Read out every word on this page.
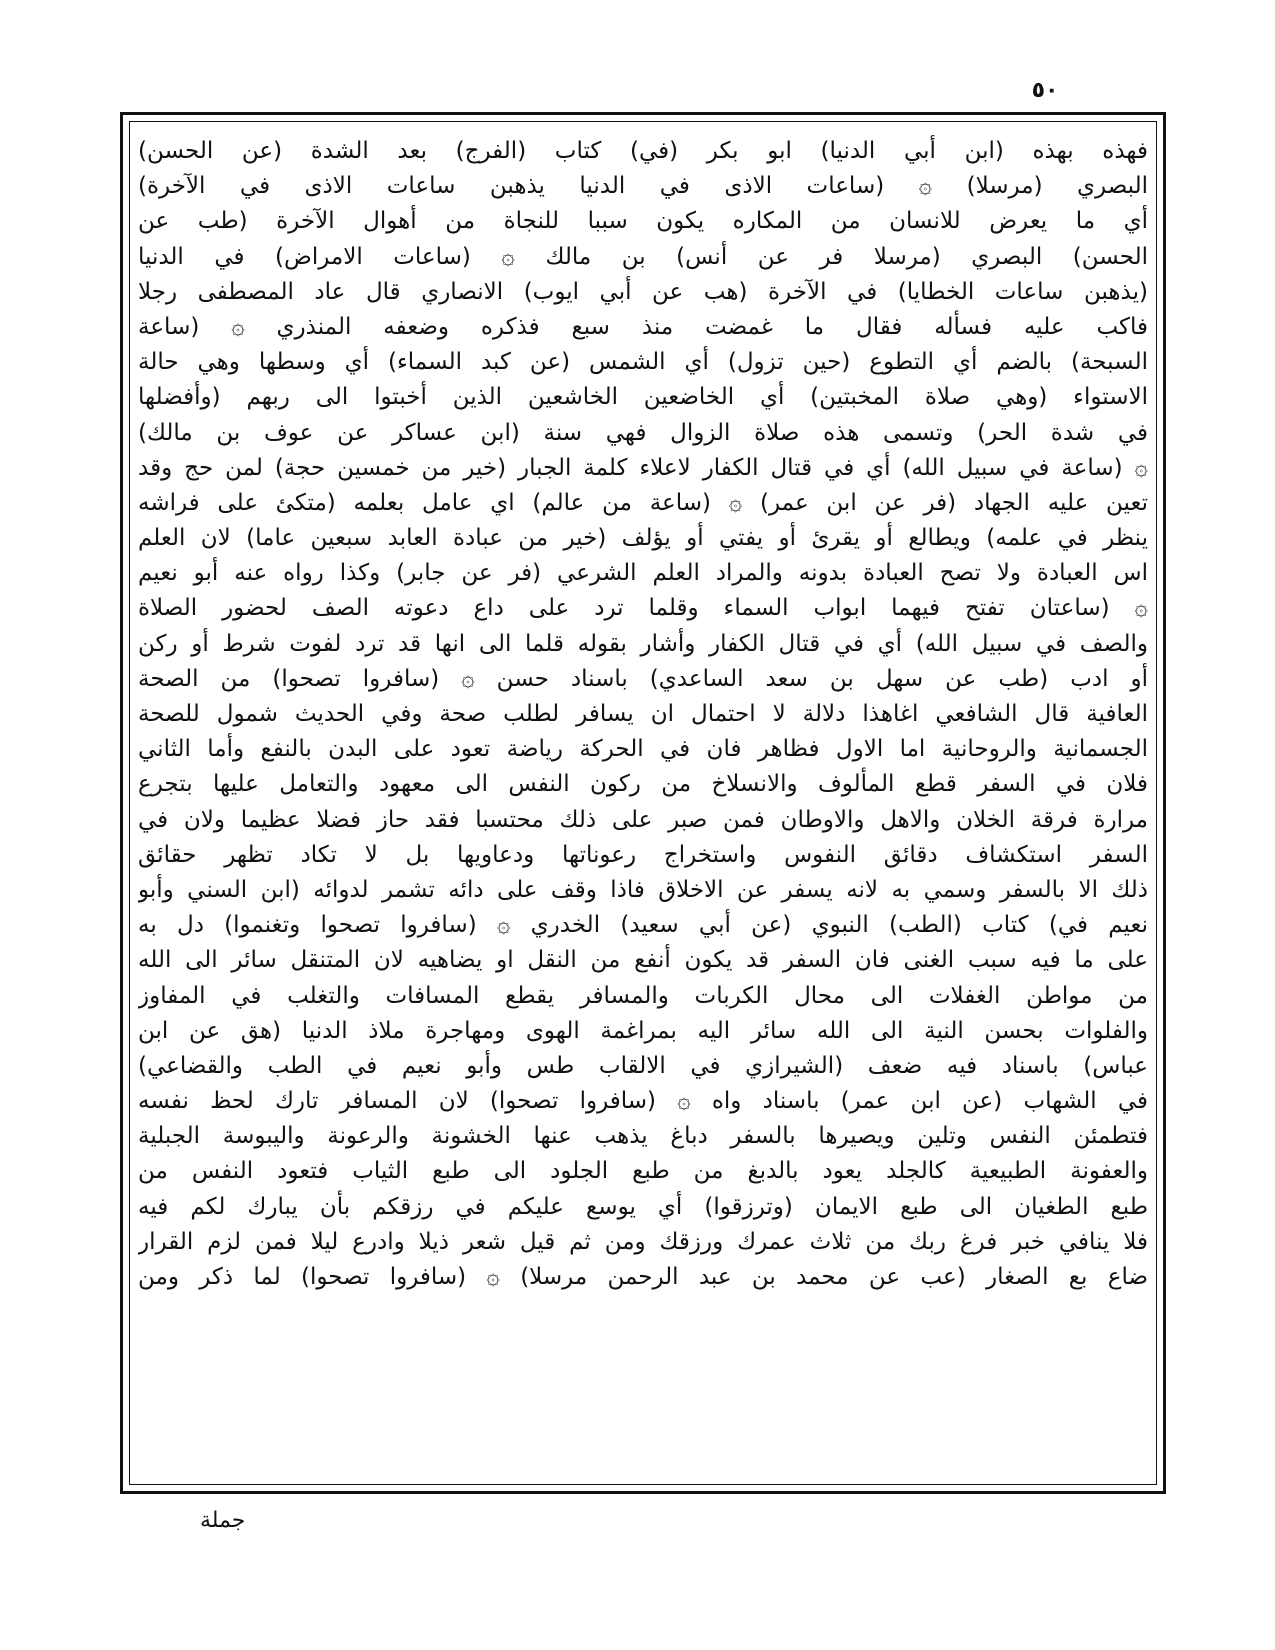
٥٠
فهذه بهذه (ابن أبي الدنيا) ابو بكر (في) كتاب (الفرج) بعد الشدة (عن الحسن)
البصري (مرسلا) ۞ (ساعات الاذى في الدنيا يذهبن ساعات الاذى في الآخرة)
أي ما يعرض للانسان من المكاره يكون سببا للنجاة من أهوال الآخرة (طب عن
الحسن) البصري (مرسلا فر عن أنس) بن مالك ۞ (ساعات الامراض) في الدنيا
(يذهبن ساعات الخطايا) في الآخرة (هب عن أبي ايوب) الانصاري قال عاد المصطفى رجلا
فاكب عليه فسأله فقال ما غمضت منذ سبع فذكره وضعفه المنذري ۞ (ساعة
السبحة) بالضم أي التطوع (حين تزول) أي الشمس (عن كبد السماء) أي وسطها وهي حالة
الاستواء (وهي صلاة المخبتين) أي الخاضعين الخاشعين الذين أخبتوا الى ربهم (وأفضلها
في شدة الحر) وتسمى هذه صلاة الزوال فهي سنة (ابن عساكر عن عوف بن مالك)
۞ (ساعة في سبيل الله) أي في قتال الكفار لاعلاء كلمة الجبار (خير من خمسين حجة) لمن حج وقد
تعين عليه الجهاد (فر عن ابن عمر) ۞ (ساعة من عالم) اي عامل بعلمه (متكئ على فراشه
ينظر في علمه) ويطالع أو يقرئ أو يفتي أو يؤلف (خير من عبادة العابد سبعين عاما) لان العلم
اس العبادة ولا تصح العبادة بدونه والمراد العلم الشرعي (فر عن جابر) وكذا رواه عنه أبو نعيم
۞ (ساعتان تفتح فيهما ابواب السماء وقلما ترد على داع دعوته الصف لحضور الصلاة
والصف في سبيل الله) أي في قتال الكفار وأشار بقوله قلما الى انها قد ترد لفوت شرط أو ركن
أو ادب (طب عن سهل بن سعد الساعدي) باسناد حسن ۞ (سافروا تصحوا) من الصحة
العافية قال الشافعي اغاهذا دلالة لا احتمال ان يسافر لطلب صحة وفي الحديث شمول للصحة
الجسمانية والروحانية اما الاول فظاهر فان في الحركة رياضة تعود على البدن بالنفع وأما الثاني
فلان في السفر قطع المألوف والانسلاخ من ركون النفس الى معهود والتعامل عليها بتجرع
مرارة فرقة الخلان والاهل والاوطان فمن صبر على ذلك محتسبا فقد حاز فضلا عظيما ولان في
السفر استكشاف دقائق النفوس واستخراج رعوناتها ودعاويها بل لا تكاد تظهر حقائق
ذلك الا بالسفر وسمي به لانه يسفر عن الاخلاق فاذا وقف على دائه تشمر لدوائه (ابن السني وأبو
نعيم في) كتاب (الطب) النبوي (عن أبي سعيد) الخدري ۞ (سافروا تصحوا وتغنموا) دل به
على ما فيه سبب الغنى فان السفر قد يكون أنفع من النقل او يضاهيه لان المتنقل سائر الى الله
من مواطن الغفلات الى محال الكربات والمسافر يقطع المسافات والتغلب في المفاوز
والفلوات بحسن النية الى الله سائر اليه بمراغمة الهوى ومهاجرة ملاذ الدنيا (هق عن ابن
عباس) باسناد فيه ضعف (الشيرازي في الالقاب طس وأبو نعيم في الطب والقضاعي)
في الشهاب (عن ابن عمر) باسناد واه ۞ (سافروا تصحوا) لان المسافر تارك لحظ نفسه
فتطمئن النفس وتلين ويصيرها بالسفر دباغ يذهب عنها الخشونة والرعونة واليبوسة الجبلية
والعفونة الطبيعية كالجلد يعود بالدبغ من طبع الجلود الى طبع الثياب فتعود النفس من
طبع الطغيان الى طبع الايمان (وترزقوا) أي يوسع عليكم في رزقكم بأن يبارك لكم فيه
فلا ينافي خبر فرغ ربك من ثلاث عمرك ورزقك ومن ثم قيل شعر ذيلا وادرع ليلا فمن لزم القرار
ضاع بع الصغار (عب عن محمد بن عبد الرحمن مرسلا) ۞ (سافروا تصحوا) لما ذكر ومن
جملة
